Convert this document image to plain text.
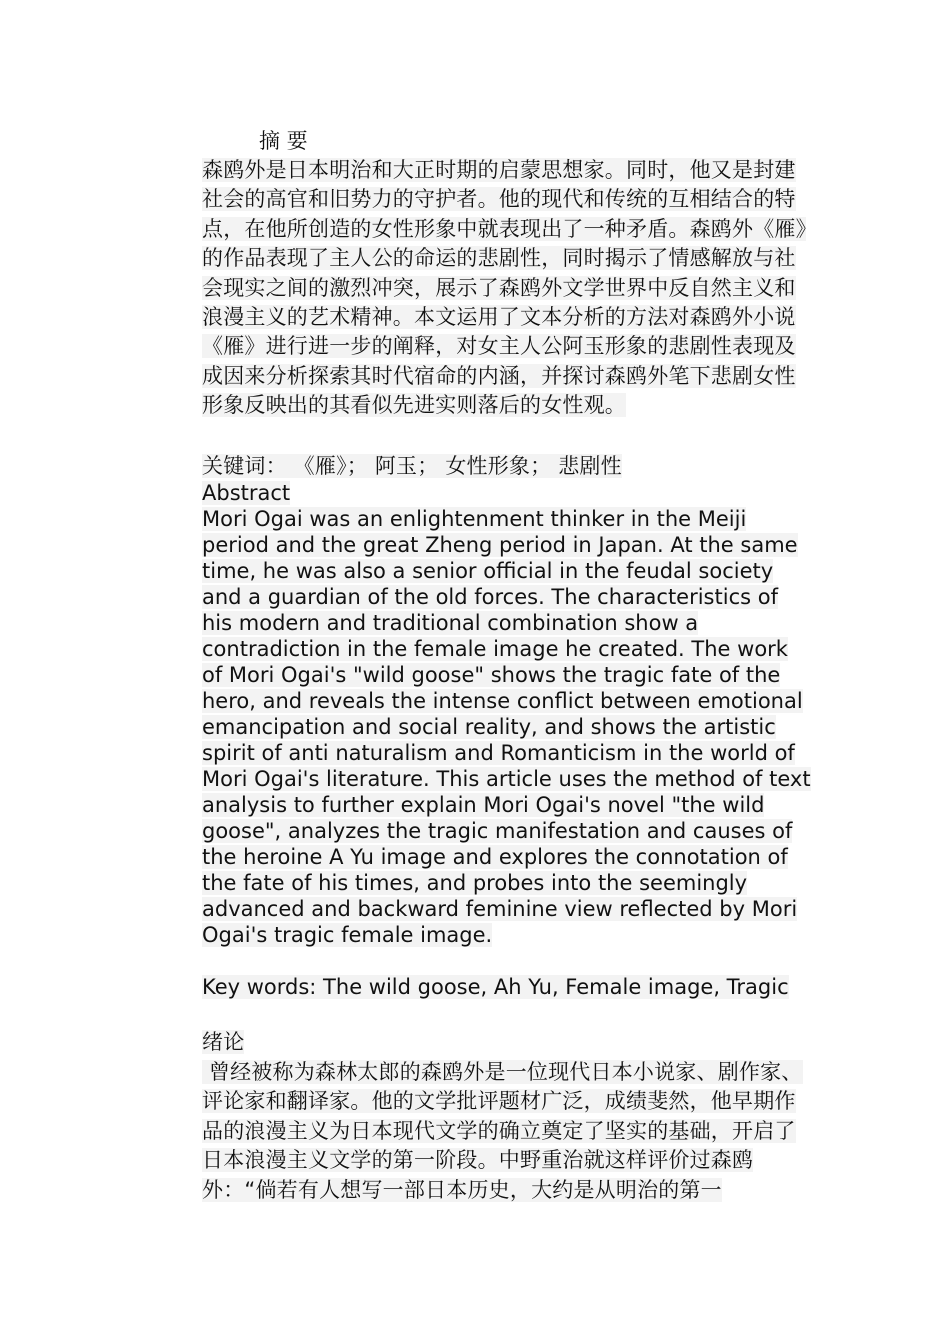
摘 要

森鸥外是日本明治和大正时期的启蒙思想家。同时，他又是封建社会的高官和旧势力的守护者。他的现代和传统的互相结合的特点，在他所创造的女性形象中就表现出了一种矛盾。森鸥外《雁》的作品表现了主人公的命运的悲剧性，同时揭示了情感解放与社会现实之间的激烈冲突，展示了森鸥外文学世界中反自然主义和浪漫主义的艺术精神。本文运用了文本分析的方法对森鸥外小说《雁》进行进一步的阐释，对女主人公阿玉形象的悲剧性表现及成因来分析探索其时代宿命的内涵，并探讨森鸥外笔下悲剧女性形象反映出的其看似先进实则落后的女性观。

关键词： 《雁》； 阿玉； 女性形象； 悲剧性

Abstract

Mori Ogai was an enlightenment thinker in the Meiji period and the great Zheng period in Japan. At the same time, he was also a senior official in the feudal society and a guardian of the old forces. The characteristics of his modern and traditional combination show a contradiction in the female image he created. The work of Mori Ogai's "wild goose" shows the tragic fate of the hero, and reveals the intense conflict between emotional emancipation and social reality, and shows the artistic spirit of anti naturalism and Romanticism in the world of Mori Ogai's literature. This article uses the method of text analysis to further explain Mori Ogai's novel "the wild goose", analyzes the tragic manifestation and causes of the heroine A Yu image and explores the connotation of the fate of his times, and probes into the seemingly advanced and backward feminine view reflected by Mori Ogai's tragic female image.

Key words: The wild goose, Ah Yu, Female image, Tragic

绪论

曾经被称为森林太郎的森鸥外是一位现代日本小说家、剧作家、评论家和翻译家。他的文学批评题材广泛，成绩斐然，他早期作品的浪漫主义为日本现代文学的确立奠定了坚实的基础，开启了日本浪漫主义文学的第一阶段。中野重治就这样评价过森鸥外：“倘若有人想写一部日本历史，大约是从明治的第一
